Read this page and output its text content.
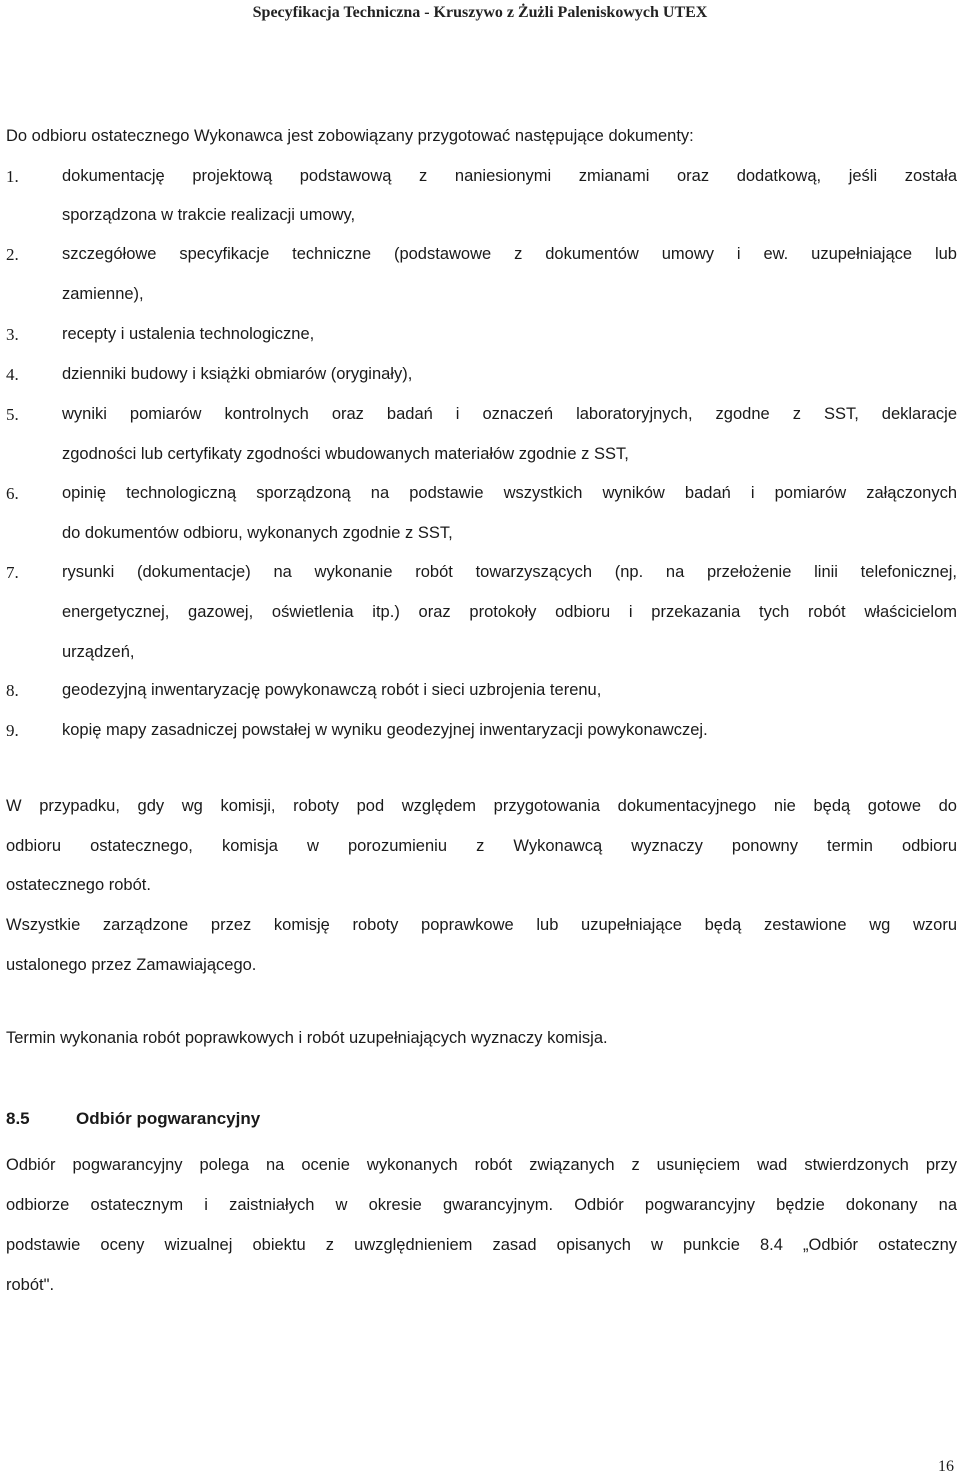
Specyfikacja Techniczna - Kruszywo z Żużli Paleniskowych UTEX
Do odbioru ostatecznego Wykonawca jest zobowiązany przygotować następujące dokumenty:
1.	dokumentację projektową podstawową z naniesionymi zmianami oraz dodatkową, jeśli została
sporządzona w trakcie realizacji umowy,
2.	szczegółowe specyfikacje techniczne (podstawowe z dokumentów umowy i ew. uzupełniające lub
zamienne),
3.	recepty i ustalenia technologiczne,
4.	dzienniki budowy i książki obmiarów (oryginały),
5.	wyniki pomiarów kontrolnych oraz badań i oznaczeń laboratoryjnych, zgodne z SST, deklaracje
zgodności lub certyfikaty zgodności wbudowanych materiałów zgodnie z SST,
6.	opinię technologiczną sporządzoną na podstawie wszystkich wyników badań i pomiarów załączonych
do dokumentów odbioru, wykonanych zgodnie z SST,
7.	rysunki (dokumentacje) na wykonanie robót towarzyszących (np. na przełożenie linii telefonicznej,
energetycznej, gazowej, oświetlenia itp.) oraz protokoły odbioru i przekazania tych robót właścicielom
urządzeń,
8.	geodezyjną inwentaryzację powykonawczą robót i sieci uzbrojenia terenu,
9.	kopię mapy zasadniczej powstałej w wyniku geodezyjnej inwentaryzacji powykonawczej.
W przypadku, gdy wg komisji, roboty pod względem przygotowania dokumentacyjnego nie będą gotowe do
odbioru ostatecznego, komisja w porozumieniu z Wykonawcą wyznaczy ponowny termin odbioru
ostatecznego robót.
Wszystkie zarządzone przez komisję roboty poprawkowe lub uzupełniające będą zestawione wg wzoru
ustalonego przez Zamawiającego.
Termin wykonania robót poprawkowych i robót uzupełniających wyznaczy komisja.
8.5	Odbiór pogwarancyjny
Odbiór pogwarancyjny polega na ocenie wykonanych robót związanych z usunięciem wad stwierdzonych przy
odbiorze ostatecznym i zaistniałych w okresie gwarancyjnym. Odbiór pogwarancyjny będzie dokonany na
podstawie oceny wizualnej obiektu z uwzględnieniem zasad opisanych w punkcie 8.4 „Odbiór ostateczny
robót".
16
